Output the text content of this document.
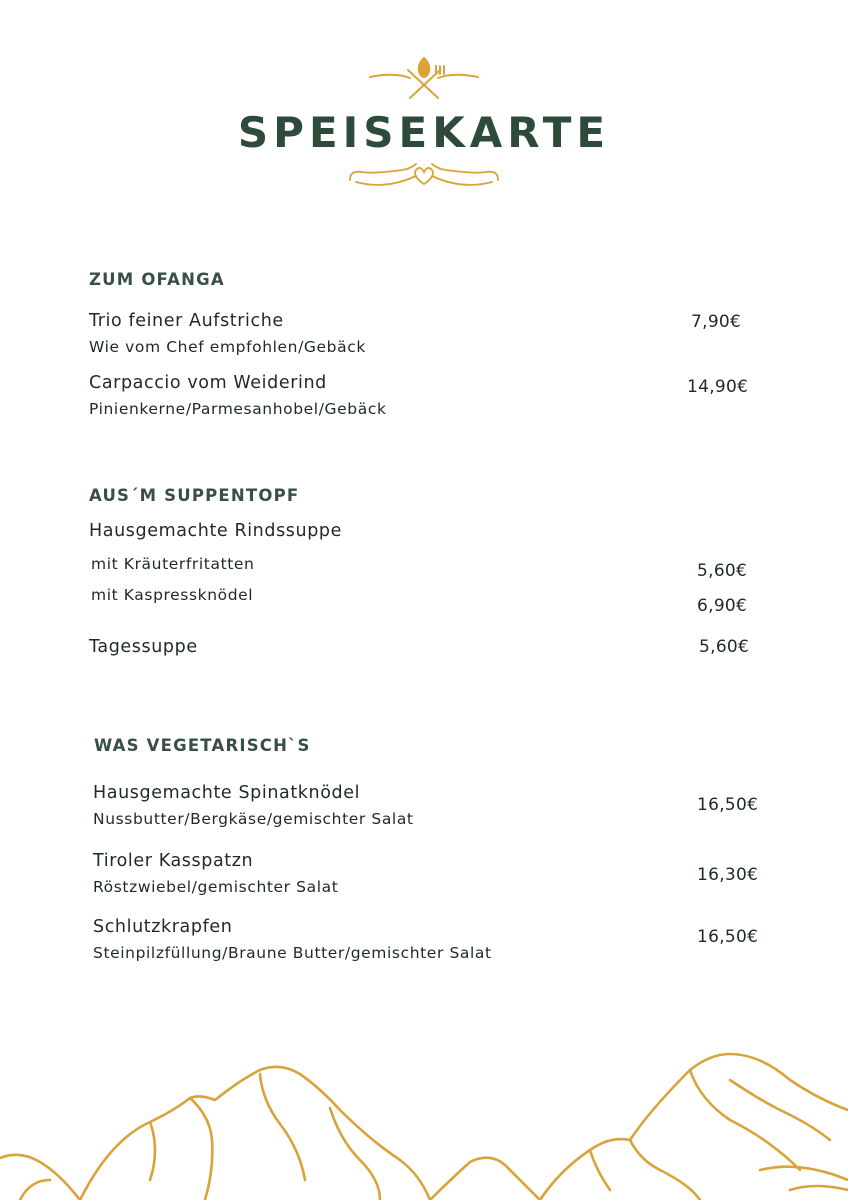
SPEISEKARTE
ZUM OFANGA
Trio feiner Aufstriche
Wie vom Chef empfohlen/Gebäck
7,90€
Carpaccio vom Weiderind
Pinienkerne/Parmesanhobel/Gebäck
14,90€
AUS´M SUPPENTOPF
Hausgemachte Rindssuppe
mit Kräuterfritatten	5,60€
mit Kaspressknödel
6,90€
Tagessuppe	5,60€
WAS VEGETARISCH`S
Hausgemachte Spinatknödel
Nussbutter/Bergkäse/gemischter Salat
16,50€
Tiroler Kasspatzn
Röstzwiebel/gemischter Salat
16,30€
Schlutzkrapfen
Steinpilzfüllung/Braune Butter/gemischter Salat
16,50€
